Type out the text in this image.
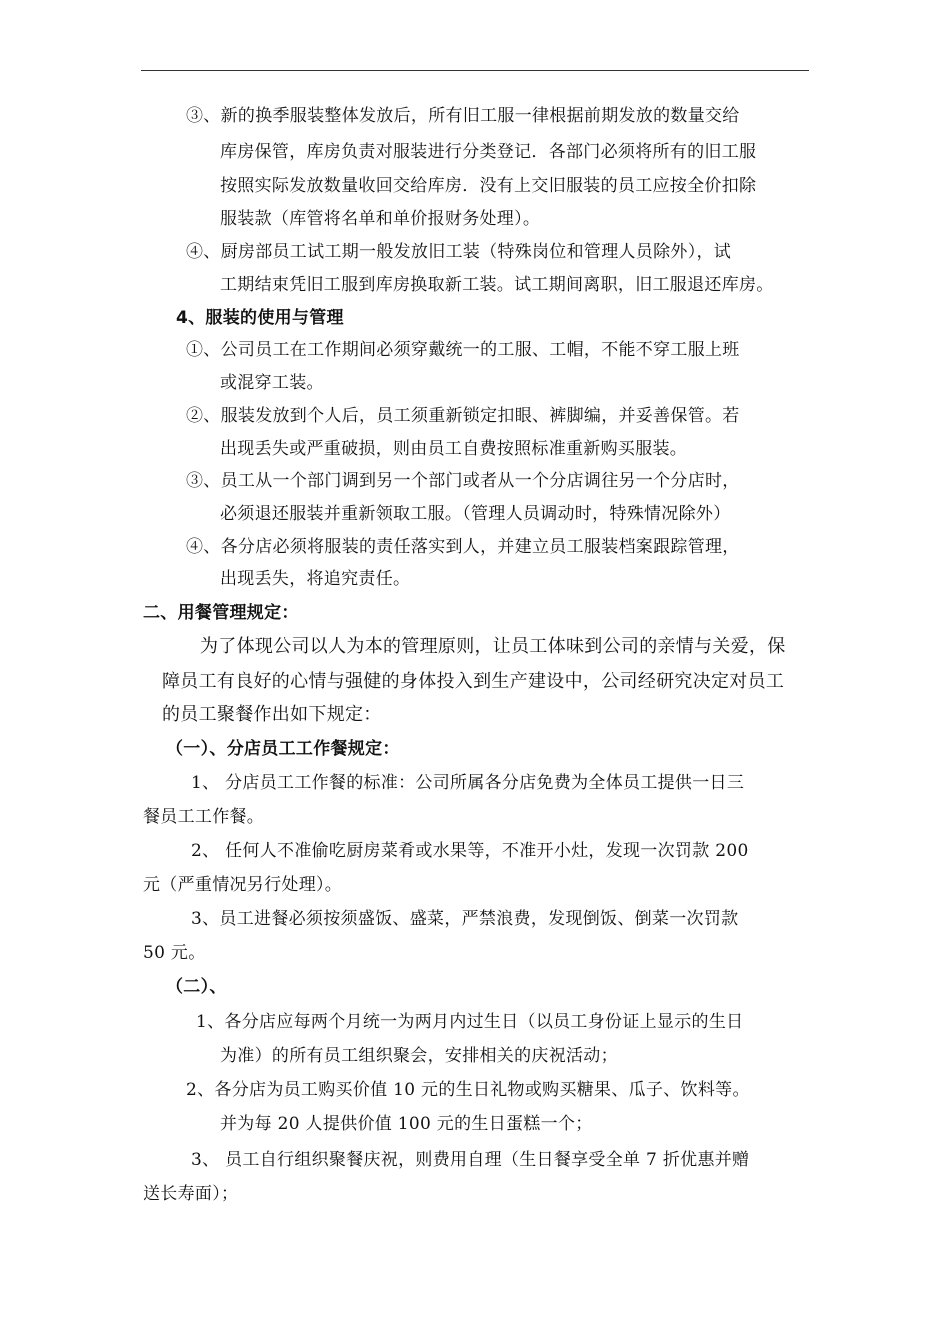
③、新的换季服装整体发放后，所有旧工服一律根据前期发放的数量交给
库房保管，库房负责对服装进行分类登记．各部门必须将所有的旧工服
按照实际发放数量收回交给库房．没有上交旧服装的员工应按全价扣除
服装款（库管将名单和单价报财务处理）。
④、厨房部员工试工期一般发放旧工装（特殊岗位和管理人员除外），试
工期结束凭旧工服到库房换取新工装。试工期间离职，旧工服退还库房。
4、服装的使用与管理
①、公司员工在工作期间必须穿戴统一的工服、工帽，不能不穿工服上班
或混穿工装。
②、服装发放到个人后，员工须重新锁定扣眼、裤脚编，并妥善保管。若
出现丢失或严重破损，则由员工自费按照标准重新购买服装。
③、员工从一个部门调到另一个部门或者从一个分店调往另一个分店时，
必须退还服装并重新领取工服。（管理人员调动时，特殊情况除外）
④、各分店必须将服装的责任落实到人，并建立员工服装档案跟踪管理，
出现丢失，将追究责任。
二、用餐管理规定：
为了体现公司以人为本的管理原则，让员工体味到公司的亲情与关爱，保
障员工有良好的心情与强健的身体投入到生产建设中，公司经研究决定对员工
的员工聚餐作出如下规定：
（一）、分店员工工作餐规定：
1、 分店员工工作餐的标准：公司所属各分店免费为全体员工提供一日三
餐员工工作餐。
2、 任何人不准偷吃厨房菜肴或水果等，不准开小灶，发现一次罚款 200
元（严重情况另行处理）。
3、员工进餐必须按须盛饭、盛菜，严禁浪费，发现倒饭、倒菜一次罚款
50 元。
（二）、
1、各分店应每两个月统一为两月内过生日（以员工身份证上显示的生日
为准）的所有员工组织聚会，安排相关的庆祝活动；
2、各分店为员工购买价值 10 元的生日礼物或购买糖果、瓜子、饮料等。
并为每 20 人提供价值 100 元的生日蛋糕一个；
3、 员工自行组织聚餐庆祝，则费用自理（生日餐享受全单 7 折优惠并赠
送长寿面）；
